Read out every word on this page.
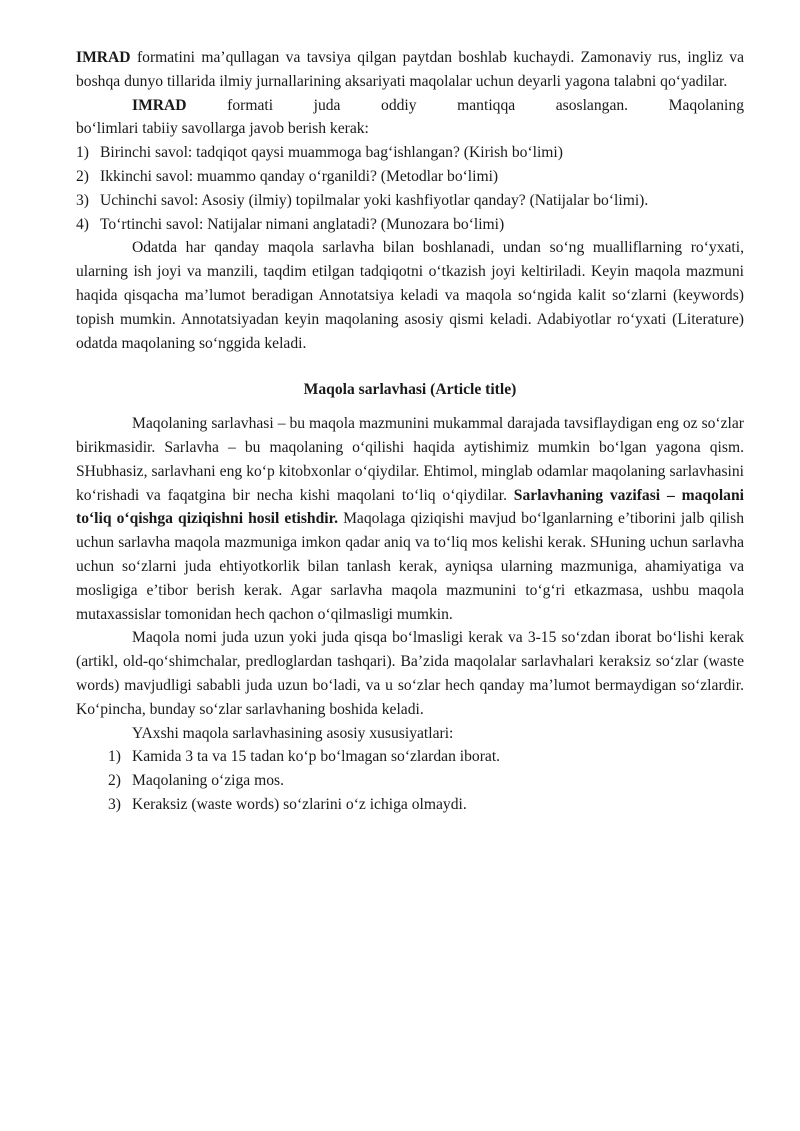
IMRAD formatini ma’qullagan va tavsiya qilgan paytdan boshlab kuchaydi. Zamonaviy rus, ingliz va boshqa dunyo tillarida ilmiy jurnallarining aksariyati maqolalar uchun deyarli yagona talabni qo‘yadilar.

IMRAD formati juda oddiy mantiqqa asoslangan. Maqolaning

bo‘limlari tabiiy savollarga javob berish kerak:

1) Birinchi savol: tadqiqot qaysi muammoga bag‘ishlangan? (Kirish bo‘limi)
2) Ikkinchi savol: muammo qanday o‘rganildi? (Metodlar bo‘limi)
3) Uchinchi savol: Asosiy (ilmiy) topilmalar yoki kashfiyotlar qanday? (Natijalar bo‘limi).
4) To‘rtinchi savol: Natijalar nimani anglatadi? (Munozara bo‘limi)

Odatda har qanday maqola sarlavha bilan boshlanadi, undan so‘ng mualliflarning ro‘yxati, ularning ish joyi va manzili, taqdim etilgan tadqiqotni o‘tkazish joyi keltiriladi. Keyin maqola mazmuni haqida qisqacha ma’lumot beradigan Annotatsiya keladi va maqola so‘ngida kalit so‘zlarni (keywords) topish mumkin. Annotatsiyadan keyin maqolaning asosiy qismi keladi. Adabiyotlar ro‘yxati (Literature) odatda maqolaning so‘nggida keladi.

Maqola sarlavhasi (Article title)

Maqolaning sarlavhasi – bu maqola mazmunini mukammal darajada tavsiflaydigan eng oz so‘zlar birikmasidir. Sarlavha – bu maqolaning o‘qilishi haqida aytishimiz mumkin bo‘lgan yagona qism. SHubhasiz, sarlavhani eng ko‘p kitobxonlar o‘qiydilar. Ehtimol, minglab odamlar maqolaning sarlavhasini ko‘rishadi va faqatgina bir necha kishi maqolani to‘liq o‘qiydilar. Sarlavhaning vazifasi – maqolani to‘liq o‘qishga qiziqishni hosil etishdir. Maqolaga qiziqishi mavjud bo‘lganlarning e’tiborini jalb qilish uchun sarlavha maqola mazmuniga imkon qadar aniq va to‘liq mos kelishi kerak. SHuning uchun sarlavha uchun so‘zlarni juda ehtiyotkorlik bilan tanlash kerak, ayniqsa ularning mazmuniga, ahamiyatiga va mosligiga e’tibor berish kerak. Agar sarlavha maqola mazmunini to‘g‘ri etkazmasa, ushbu maqola mutaxassislar tomonidan hech qachon o‘qilmasligi mumkin.

Maqola nomi juda uzun yoki juda qisqa bo‘lmasligi kerak va 3-15 so‘zdan iborat bo‘lishi kerak (artikl, old-qo‘shimchalar, predloglardan tashqari). Ba’zida maqolalar sarlavhalari keraksiz so‘zlar (waste words) mavjudligi sababli juda uzun bo‘ladi, va u so‘zlar hech qanday ma’lumot bermaydigan so‘zlardir. Ko‘pincha, bunday so‘zlar sarlavhaning boshida keladi.

YAxshi maqola sarlavhasining asosiy xususiyatlari:

1) Kamida 3 ta va 15 tadan ko‘p bo‘lmagan so‘zlardan iborat.
2) Maqolaning o‘ziga mos.
3) Keraksiz (waste words) so‘zlarini o‘z ichiga olmaydi.
